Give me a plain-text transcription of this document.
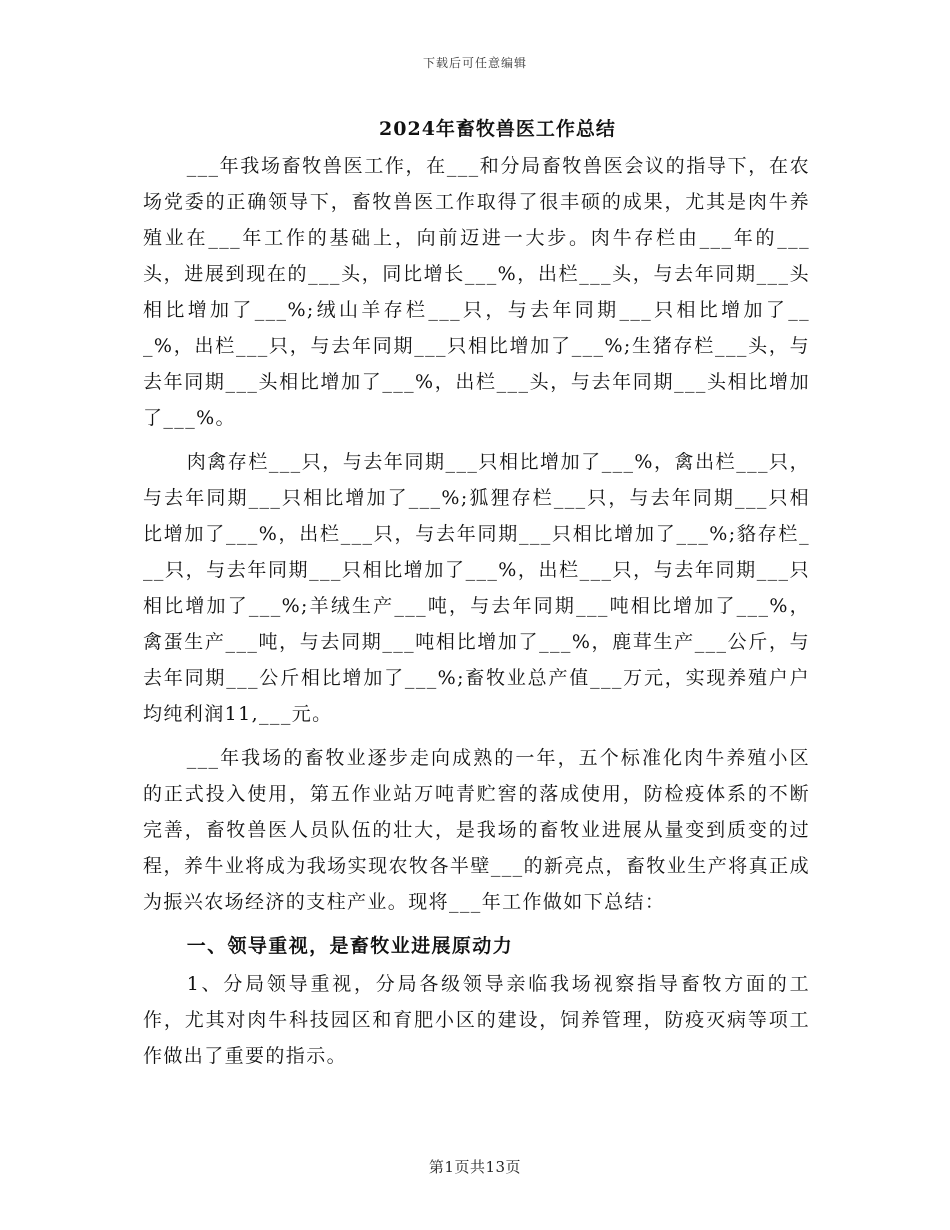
下载后可任意编辑
2024年畜牧兽医工作总结

___年我场畜牧兽医工作，在___和分局畜牧兽医会议的指导下，在农场党委的正确领导下，畜牧兽医工作取得了很丰硕的成果，尤其是肉牛养殖业在___年工作的基础上，向前迈进一大步。肉牛存栏由___年的___头，进展到现在的___头，同比增长___%，出栏___头，与去年同期___头相比增加了___%;绒山羊存栏___只，与去年同期___只相比增加了___%，出栏___只，与去年同期___只相比增加了___%;生猪存栏___头，与去年同期___头相比增加了___%，出栏___头，与去年同期___头相比增加了___%。

肉禽存栏___只，与去年同期___只相比增加了___%，禽出栏___只，与去年同期___只相比增加了___%;狐狸存栏___只，与去年同期___只相比增加了___%，出栏___只，与去年同期___只相比增加了___%;貉存栏___只，与去年同期___只相比增加了___%，出栏___只，与去年同期___只相比增加了___%;羊绒生产___吨，与去年同期___吨相比增加了___%，禽蛋生产___吨，与去同期___吨相比增加了___%，鹿茸生产___公斤，与去年同期___公斤相比增加了___%;畜牧业总产值___万元，实现养殖户户均纯利润11,___元。

___年我场的畜牧业逐步走向成熟的一年，五个标准化肉牛养殖小区的正式投入使用，第五作业站万吨青贮窖的落成使用，防检疫体系的不断完善，畜牧兽医人员队伍的壮大，是我场的畜牧业进展从量变到质变的过程，养牛业将成为我场实现农牧各半壁___的新亮点，畜牧业生产将真正成为振兴农场经济的支柱产业。现将___年工作做如下总结：

一、领导重视，是畜牧业进展原动力

1、分局领导重视，分局各级领导亲临我场视察指导畜牧方面的工作，尤其对肉牛科技园区和育肥小区的建设，饲养管理，防疫灭病等项工作做出了重要的指示。

第1页共13页
